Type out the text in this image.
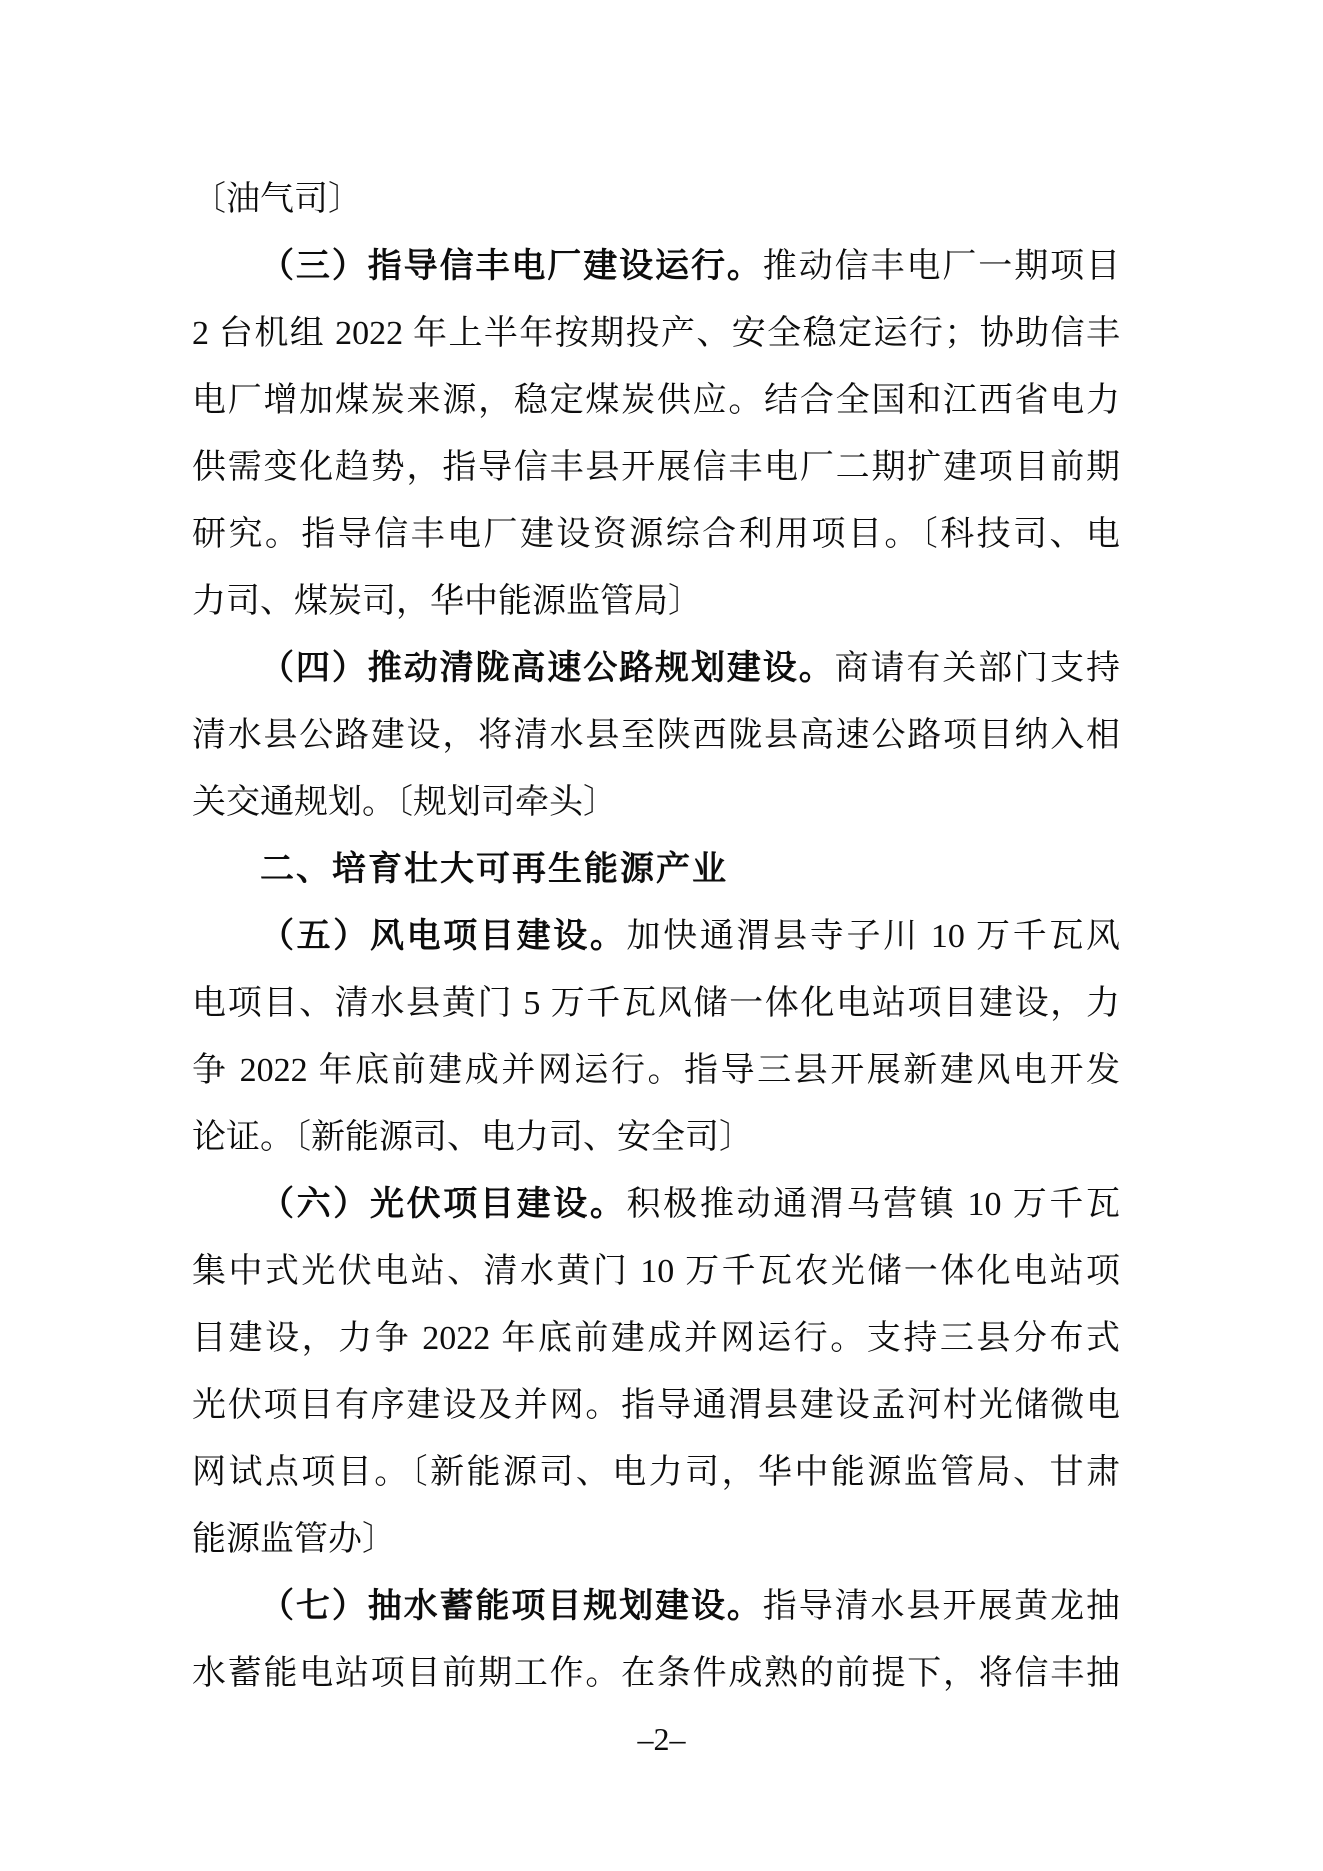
〔油气司〕
（三）指导信丰电厂建设运行。推动信丰电厂一期项目
2 台机组 2022 年上半年按期投产、安全稳定运行；协助信丰
电厂增加煤炭来源，稳定煤炭供应。结合全国和江西省电力
供需变化趋势，指导信丰县开展信丰电厂二期扩建项目前期
研究。指导信丰电厂建设资源综合利用项目。〔科技司、电
力司、煤炭司，华中能源监管局〕
（四）推动清陇高速公路规划建设。商请有关部门支持
清水县公路建设，将清水县至陕西陇县高速公路项目纳入相
关交通规划。〔规划司牵头〕
二、培育壮大可再生能源产业
（五）风电项目建设。加快通渭县寺子川 10 万千瓦风
电项目、清水县黄门 5 万千瓦风储一体化电站项目建设，力
争 2022 年底前建成并网运行。指导三县开展新建风电开发
论证。〔新能源司、电力司、安全司〕
（六）光伏项目建设。积极推动通渭马营镇 10 万千瓦
集中式光伏电站、清水黄门 10 万千瓦农光储一体化电站项
目建设，力争 2022 年底前建成并网运行。支持三县分布式
光伏项目有序建设及并网。指导通渭县建设孟河村光储微电
网试点项目。〔新能源司、电力司，华中能源监管局、甘肃
能源监管办〕
（七）抽水蓄能项目规划建设。指导清水县开展黄龙抽
水蓄能电站项目前期工作。在条件成熟的前提下，将信丰抽
–2–
